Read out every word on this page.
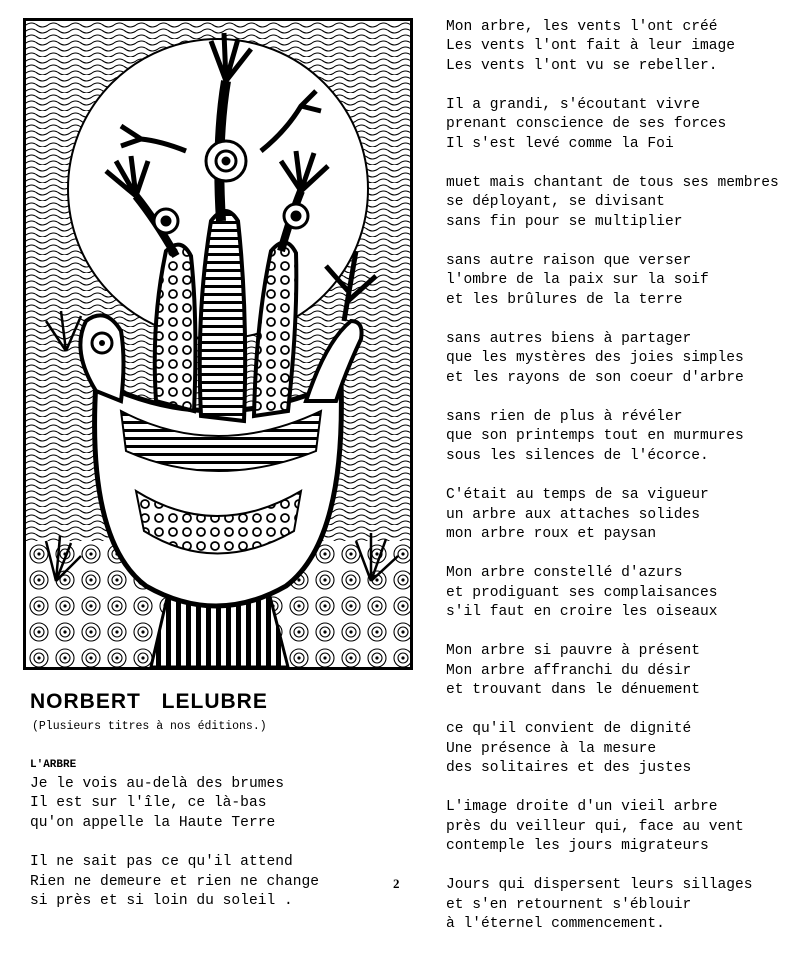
NORBERT LELUBRE

(Plusieurs titres à nos éditions.)

L'ARBRE

Je le vois au-delà des brumes
Il est sur l'île, ce là-bas
qu'on appelle la Haute Terre

Il ne sait pas ce qu'il attend
Rien ne demeure et rien ne change
si près et si loin du soleil .

2

Mon arbre, les vents l'ont créé
Les vents l'ont fait à leur image
Les vents l'ont vu se rebeller.

Il a grandi, s'écoutant vivre
prenant conscience de ses forces
Il s'est levé comme la Foi

muet mais chantant de tous ses membres
se déployant, se divisant
sans fin pour se multiplier

sans autre raison que verser
l'ombre de la paix sur la soif
et les brûlures de la terre

sans autres biens à partager
que les mystères des joies simples
et les rayons de son coeur d'arbre

sans rien de plus à révéler
que son printemps tout en murmures
sous les silences de l'écorce.

C'était au temps de sa vigueur
un arbre aux attaches solides
mon arbre roux et paysan

Mon arbre constellé d'azurs
et prodiguant ses complaisances
s'il faut en croire les oiseaux

Mon arbre si pauvre à présent
Mon arbre affranchi du désir
et trouvant dans le dénuement

ce qu'il convient de dignité
Une présence à la mesure
des solitaires et des justes

L'image droite d'un vieil arbre
près du veilleur qui, face au vent
contemple les jours migrateurs

Jours qui dispersent leurs sillages
et s'en retournent s'éblouir
à l'éternel commencement.
